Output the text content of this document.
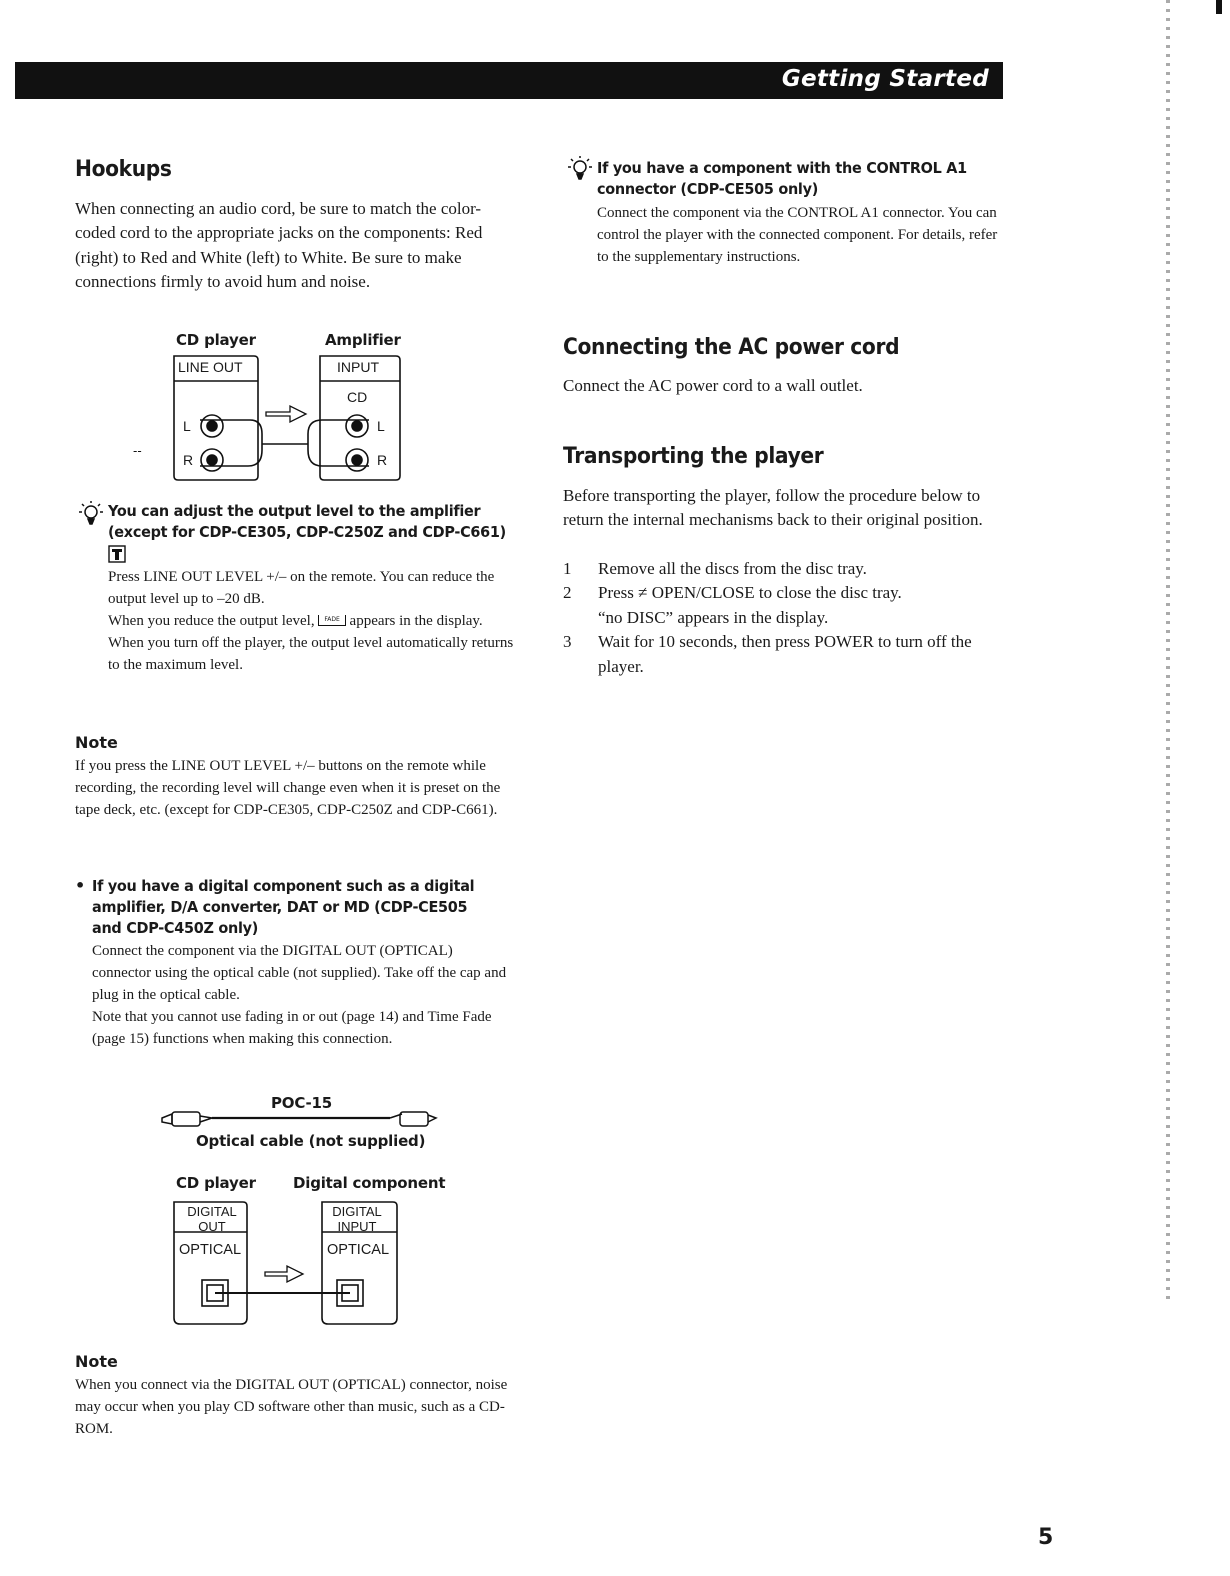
Getting Started
Hookups

When connecting an audio cord, be sure to match the color-coded cord to the appropriate jacks on the components: Red (right) to Red and White (left) to White. Be sure to make connections firmly to avoid hum and noise.

CD player	Amplifier
--
LINE OUT	INPUT
CD
L
R
L
R
You can adjust the output level to the amplifier
(except for CDP-CE305, CDP-C250Z and CDP-C661)

Press LINE OUT LEVEL +/– on the remote. You can reduce the output level up to –20 dB.

When you reduce the output level, FADE appears in the display.

When you turn off the player, the output level automatically returns to the maximum level.

Note

If you press the LINE OUT LEVEL +/– buttons on the remote while recording, the recording level will change even when it is preset on the tape deck, etc. (except for CDP-CE305, CDP-C250Z and CDP-C661).

• If you have a digital component such as a digital amplifier, D/A converter, DAT or MD (CDP-CE505 and CDP-C450Z only)

Connect the component via the DIGITAL OUT (OPTICAL) connector using the optical cable (not supplied). Take off the cap and plug in the optical cable.

Note that you cannot use fading in or out (page 14) and Time Fade (page 15) functions when making this connection.

POC-15
Optical cable (not supplied)
CD player Digital component
DIGITAL
OUT
DIGITAL
INPUT
OPTICAL	OPTICAL
Note

When you connect via the DIGITAL OUT (OPTICAL) connector, noise may occur when you play CD software other than music, such as a CD-ROM.

If you have a component with the CONTROL A1 connector (CDP-CE505 only)

Connect the component via the CONTROL A1 connector. You can control the player with the connected component. For details, refer to the supplementary instructions.

Connecting the AC power cord

Connect the AC power cord to a wall outlet.

Transporting the player

Before transporting the player, follow the procedure below to return the internal mechanisms back to their original position.

1 Remove all the discs from the disc tray.
2 Press ≠ OPEN/CLOSE to close the disc tray.
“no DISC” appears in the display.
3 Wait for 10 seconds, then press POWER to turn off the player.
5
